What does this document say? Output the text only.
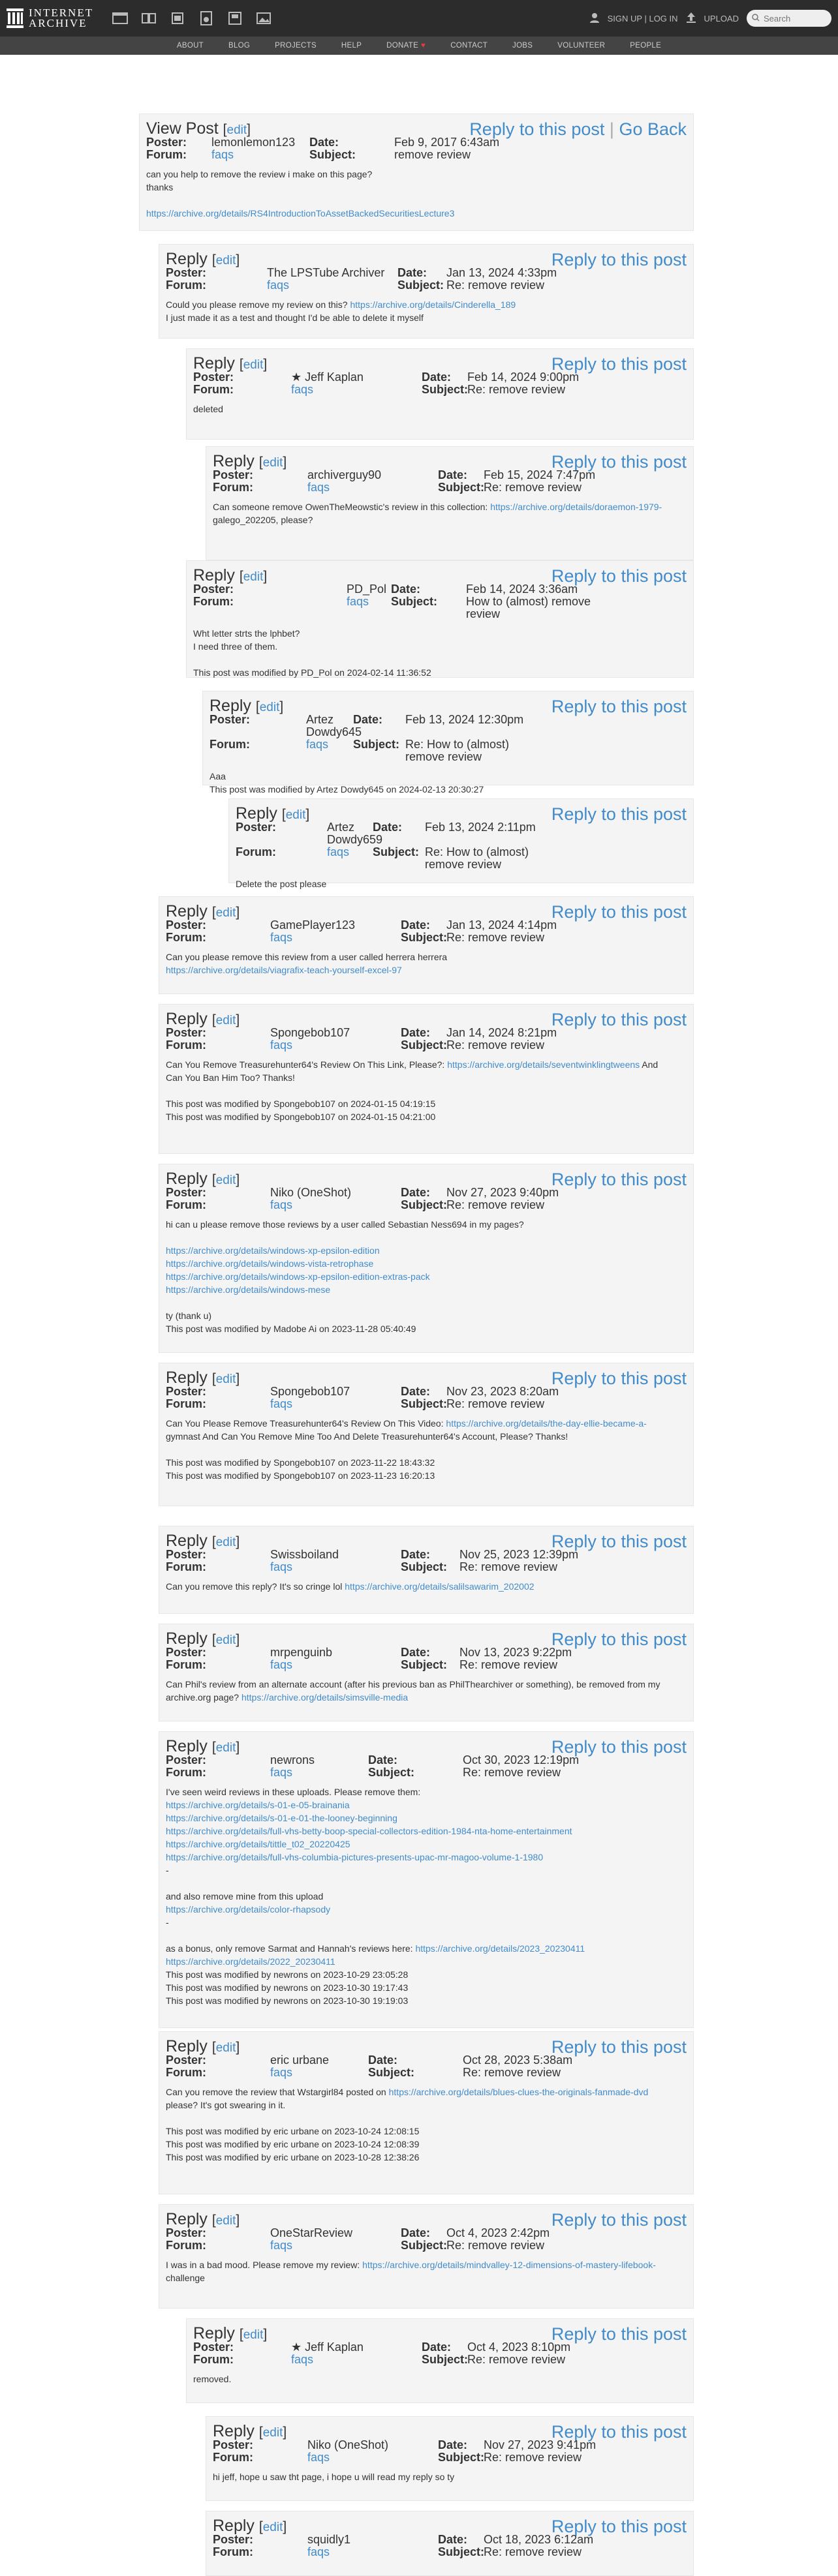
INTERNET
ARCHIVE	SIGN UP | LOG IN	UPLOAD
Search
ABOUT	BLOG	PROJECTS	HELP	DONATE ♥	CONTACT	JOBS	VOLUNTEER	PEOPLE
View Post [edit]	Reply to this post | Go Back
Poster:	lemonlemon123	Date:	Feb 9, 2017 6:43am
Forum:	faqs	Subject:	remove review
can you help to remove the review i make on this page?
thanks
https://archive.org/details/RS4IntroductionToAssetBackedSecuritiesLecture3
Reply [edit]	Reply to this post
Poster:	The LPSTube Archiver	Date:	Jan 13, 2024 4:33pm
Forum:	faqs	Subject: Re: remove review
Could you please remove my review on this? https://archive.org/details/Cinderella_189
I just made it as a test and thought I'd be able to delete it myself
Reply [edit]	Reply to this post
Poster:	★ Jeff Kaplan	Date:	Feb 14, 2024 9:00pm
Forum:	faqs	Subject:
Re: remove review
deleted
Reply [edit]	Reply to this post
Poster:	archiverguy90	Date:	Feb 15, 2024 7:47pm
Forum:	faqs	Subject:
Re: remove review
Can someone remove OwenTheMeowstic's review in this collection: https://archive.org/details/doraemon-1979-
galego_202205, please?
Reply [edit]	Reply to this post
Poster:	PD_Pol Date:	Feb 14, 2024 3:36am
Forum:	faqs	Subject:	How to (almost) remove review
Wht letter strts the lphbet?
I need three of them.
This post was modified by PD_Pol on 2024-02-14 11:36:52
Reply [edit]	Reply to this post
Poster:	Artez Dowdy645
Date:	Feb 13, 2024 12:30pm
Forum:	faqs	Subject: Re: How to (almost) remove review
Aaa
This post was modified by Artez Dowdy645 on 2024-02-13 20:30:27
Reply [edit]	Reply to this post
Poster:	Artez Dowdy659
Date:	Feb 13, 2024 2:11pm
Forum:	faqs	Subject: Re: How to (almost) remove review
Delete the post please
Reply [edit]	Reply to this post
Poster:	GamePlayer123	Date:	Jan 13, 2024 4:14pm
Forum:	faqs	Subject:
Re: remove review
Can you please remove this review from a user called herrera herrera
https://archive.org/details/viagrafix-teach-yourself-excel-97
Reply [edit]	Reply to this post
Poster:	Spongebob107	Date:	Jan 14, 2024 8:21pm
Forum:	faqs	Subject:
Re: remove review
Can You Remove Treasurehunter64's Review On This Link, Please?: https://archive.org/details/seventwinklingtweens And
Can You Ban Him Too? Thanks!
This post was modified by Spongebob107 on 2024-01-15 04:19:15
This post was modified by Spongebob107 on 2024-01-15 04:21:00
Reply [edit]	Reply to this post
Poster:	Niko (OneShot)	Date:	Nov 27, 2023 9:40pm
Forum:	faqs	Subject:
Re: remove review
hi can u please remove those reviews by a user called Sebastian Ness694 in my pages?
https://archive.org/details/windows-xp-epsilon-edition
https://archive.org/details/windows-vista-retrophase
https://archive.org/details/windows-xp-epsilon-edition-extras-pack
https://archive.org/details/windows-mese
ty (thank u)
This post was modified by Madobe Ai on 2023-11-28 05:40:49
Reply [edit]	Reply to this post
Poster:	Spongebob107	Date:	Nov 23, 2023 8:20am
Forum:	faqs	Subject:
Re: remove review
Can You Please Remove Treasurehunter64's Review On This Video: https://archive.org/details/the-day-ellie-became-a-
gymnast And Can You Remove Mine Too And Delete Treasurehunter64's Account, Please? Thanks!
This post was modified by Spongebob107 on 2023-11-22 18:43:32
This post was modified by Spongebob107 on 2023-11-23 16:20:13
Reply [edit]	Reply to this post
Poster:	Swissboiland	Date:	Nov 25, 2023 12:39pm
Forum:	faqs	Subject:	Re: remove review
Can you remove this reply? It's so cringe lol https://archive.org/details/salilsawarim_202002
Reply [edit]	Reply to this post
Poster:	mrpenguinb	Date:	Nov 13, 2023 9:22pm
Forum:	faqs	Subject:	Re: remove review
Can Phil's review from an alternate account (after his previous ban as PhilThearchiver or something), be removed from my
archive.org page? https://archive.org/details/simsville-media
Reply [edit]	Reply to this post
Poster:	newrons	Date:	Oct 30, 2023 12:19pm
Forum:	faqs	Subject:	Re: remove review
I've seen weird reviews in these uploads. Please remove them:
https://archive.org/details/s-01-e-05-brainania
https://archive.org/details/s-01-e-01-the-looney-beginning
https://archive.org/details/full-vhs-betty-boop-special-collectors-edition-1984-nta-home-entertainment
https://archive.org/details/tittle_t02_20220425
https://archive.org/details/full-vhs-columbia-pictures-presents-upac-mr-magoo-volume-1-1980
-
and also remove mine from this upload
https://archive.org/details/color-rhapsody
-
as a bonus, only remove Sarmat and Hannah's reviews here: https://archive.org/details/2023_20230411
https://archive.org/details/2022_20230411
This post was modified by newrons on 2023-10-29 23:05:28
This post was modified by newrons on 2023-10-30 19:17:43
This post was modified by newrons on 2023-10-30 19:19:03
Reply [edit]	Reply to this post
Poster:	eric urbane	Date:	Oct 28, 2023 5:38am
Forum:	faqs	Subject:	Re: remove review
Can you remove the review that Wstargirl84 posted on https://archive.org/details/blues-clues-the-originals-fanmade-dvd
please? It's got swearing in it.
This post was modified by eric urbane on 2023-10-24 12:08:15
This post was modified by eric urbane on 2023-10-24 12:08:39
This post was modified by eric urbane on 2023-10-28 12:38:26
Reply [edit]	Reply to this post
Poster:	OneStarReview	Date:	Oct 4, 2023 2:42pm
Forum:	faqs	Subject:
Re: remove review
I was in a bad mood. Please remove my review: https://archive.org/details/mindvalley-12-dimensions-of-mastery-lifebook-
challenge
Reply [edit]	Reply to this post
Poster:	★ Jeff Kaplan	Date:	Oct 4, 2023 8:10pm
Forum:	faqs	Subject:
Re: remove review
removed.
Reply [edit]	Reply to this post
Poster:	Niko (OneShot)	Date:	Nov 27, 2023 9:41pm
Forum:	faqs	Subject:
Re: remove review
hi jeff, hope u saw tht page, i hope u will read my reply so ty
Reply [edit]	Reply to this post
Poster:	squidly1	Date:	Oct 18, 2023 6:12am
Forum:	faqs	Subject:
Re: remove review
